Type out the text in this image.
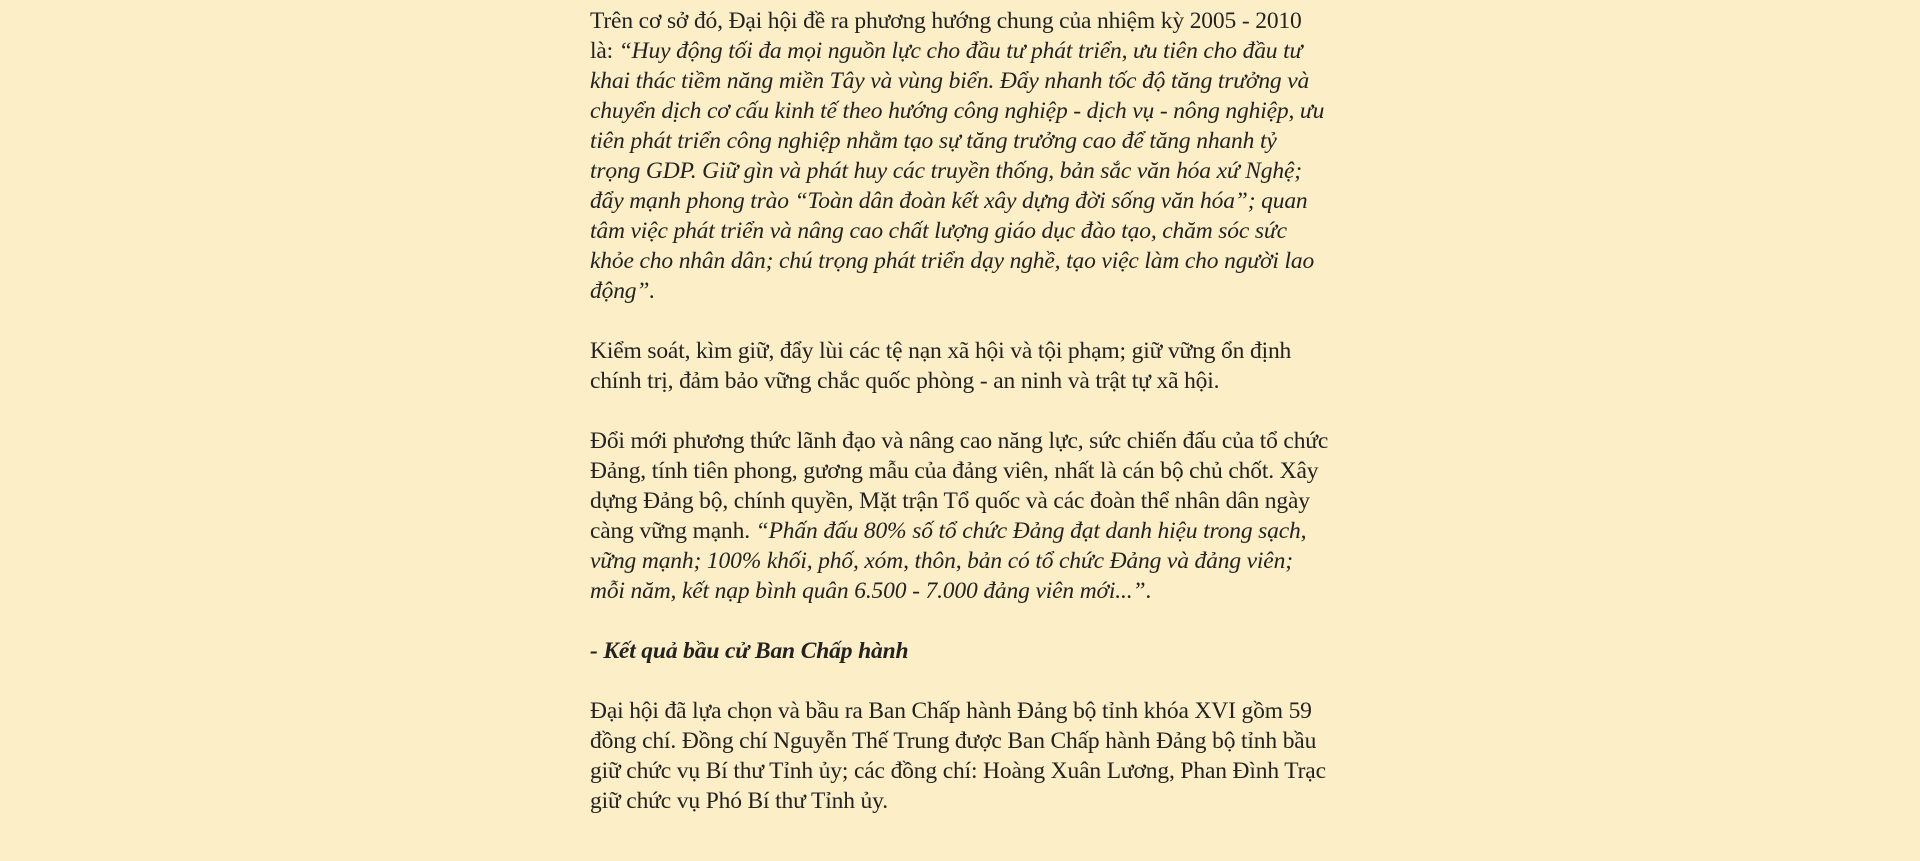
Trên cơ sở đó, Đại hội đề ra phương hướng chung của nhiệm kỳ 2005 - 2010 là: “Huy động tối đa mọi nguồn lực cho đầu tư phát triển, ưu tiên cho đầu tư khai thác tiềm năng miền Tây và vùng biển. Đẩy nhanh tốc độ tăng trưởng và chuyển dịch cơ cấu kinh tế theo hướng công nghiệp - dịch vụ - nông nghiệp, ưu tiên phát triển công nghiệp nhằm tạo sự tăng trưởng cao để tăng nhanh tỷ trọng GDP. Giữ gìn và phát huy các truyền thống, bản sắc văn hóa xứ Nghệ; đẩy mạnh phong trào “Toàn dân đoàn kết xây dựng đời sống văn hóa”; quan tâm việc phát triển và nâng cao chất lượng giáo dục đào tạo, chăm sóc sức khỏe cho nhân dân; chú trọng phát triển dạy nghề, tạo việc làm cho người lao động”.

Kiểm soát, kìm giữ, đẩy lùi các tệ nạn xã hội và tội phạm; giữ vững ổn định chính trị, đảm bảo vững chắc quốc phòng - an ninh và trật tự xã hội.

Đổi mới phương thức lãnh đạo và nâng cao năng lực, sức chiến đấu của tổ chức Đảng, tính tiên phong, gương mẫu của đảng viên, nhất là cán bộ chủ chốt. Xây dựng Đảng bộ, chính quyền, Mặt trận Tổ quốc và các đoàn thể nhân dân ngày càng vững mạnh. “Phấn đấu 80% số tổ chức Đảng đạt danh hiệu trong sạch, vững mạnh; 100% khối, phố, xóm, thôn, bản có tổ chức Đảng và đảng viên; mỗi năm, kết nạp bình quân 6.500 - 7.000 đảng viên mới...”.

- Kết quả bầu cử Ban Chấp hành

Đại hội đã lựa chọn và bầu ra Ban Chấp hành Đảng bộ tỉnh khóa XVI gồm 59 đồng chí. Đồng chí Nguyễn Thế Trung được Ban Chấp hành Đảng bộ tỉnh bầu giữ chức vụ Bí thư Tỉnh ủy; các đồng chí: Hoàng Xuân Lương, Phan Đình Trạc giữ chức vụ Phó Bí thư Tỉnh ủy.
